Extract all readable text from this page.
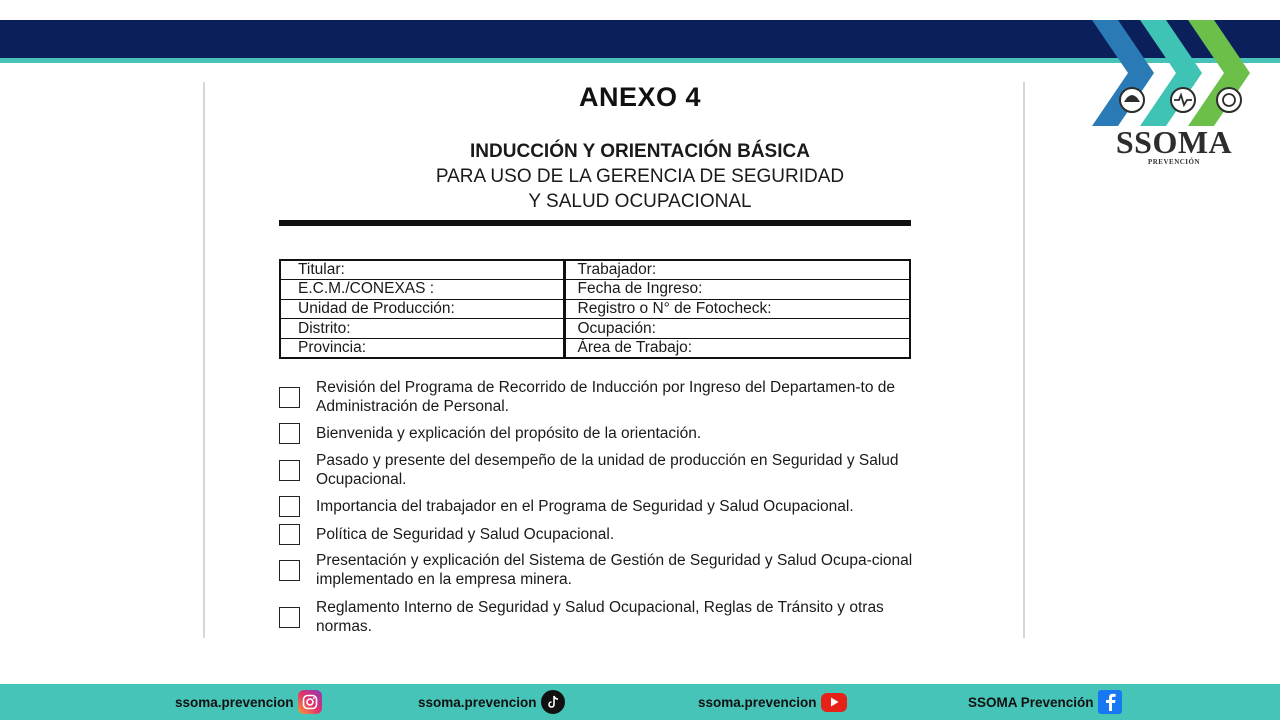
SSOMA
PREVENCIÓN
ANEXO 4
INDUCCIÓN Y ORIENTACIÓN BÁSICA
PARA USO DE LA GERENCIA DE SEGURIDAD
Y SALUD OCUPACIONAL
Titular:	Trabajador:
E.C.M./CONEXAS :	Fecha de Ingreso:
Unidad de Producción:	Registro o N° de Fotocheck:
Distrito:	Ocupación:
Provincia:	Área de Trabajo:
Revisión del Programa de Recorrido de Inducción por Ingreso del Departamen-to de Administración de Personal.
Bienvenida y explicación del propósito de la orientación.
Pasado y presente del desempeño de la unidad de producción en Seguridad y Salud Ocupacional.
Importancia del trabajador en el Programa de Seguridad y Salud Ocupacional.
Política de Seguridad y Salud Ocupacional.
Presentación y explicación del Sistema de Gestión de Seguridad y Salud Ocupa-cional implementado en la empresa minera.
Reglamento Interno de Seguridad y Salud Ocupacional, Reglas de Tránsito y otras normas.
ssoma.prevencion	ssoma.prevencion	ssoma.prevencion	SSOMA Prevención
